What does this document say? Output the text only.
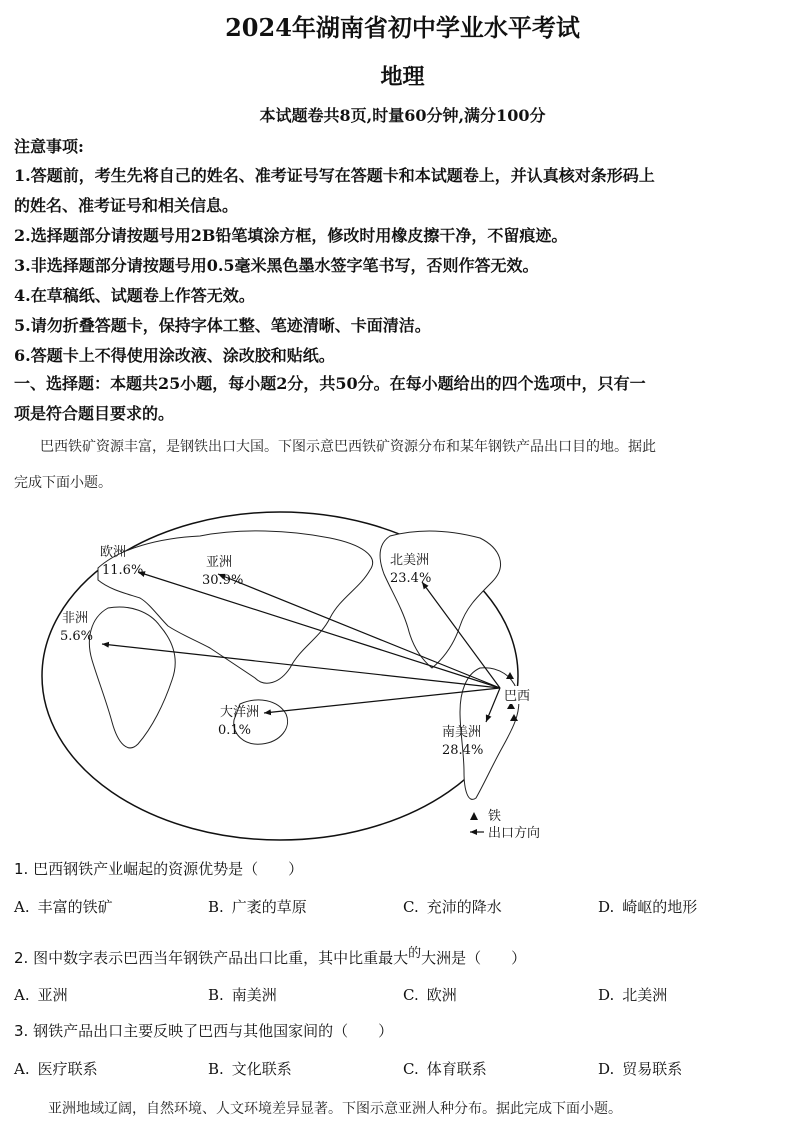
2024年湖南省初中学业水平考试
地理
本试题卷共8页,时量60分钟,满分100分
注意事项:
1.答题前，考生先将自己的姓名、准考证号写在答题卡和本试题卷上，并认真核对条形码上
的姓名、准考证号和相关信息。
2.选择题部分请按题号用2B铅笔填涂方框，修改时用橡皮擦干净，不留痕迹。
3.非选择题部分请按题号用0.5毫米黑色墨水签字笔书写，否则作答无效。
4.在草稿纸、试题卷上作答无效。
5.请勿折叠答题卡，保持字体工整、笔迹清晰、卡面清洁。
6.答题卡上不得使用涂改液、涂改胶和贴纸。
一、选择题：本题共25小题，每小题2分，共50分。在每小题给出的四个选项中，只有一
项是符合题目要求的。
巴西铁矿资源丰富，是钢铁出口大国。下图示意巴西铁矿资源分布和某年钢铁产品出口目的地。据此
完成下面小题。
欧洲
11.6%
亚洲
30.9%
北美洲
23.4%
非洲
5.6%
大洋洲
0.1%	南美洲
28.4%
巴西
铁
出口方向
1. 巴西钢铁产业崛起的资源优势是（　　）
A. 丰富的铁矿	B. 广袤的草原	C. 充沛的降水	D. 崎岖的地形
2. 图中数字表示巴西当年钢铁产品出口比重，其中比重最大$^的$大洲是（　　）
A. 亚洲	B. 南美洲	C. 欧洲	D. 北美洲
3. 钢铁产品出口主要反映了巴西与其他国家间的（　　）
A. 医疗联系	B. 文化联系	C. 体育联系	D. 贸易联系
亚洲地域辽阔，自然环境、人文环境差异显著。下图示意亚洲人种分布。据此完成下面小题。
